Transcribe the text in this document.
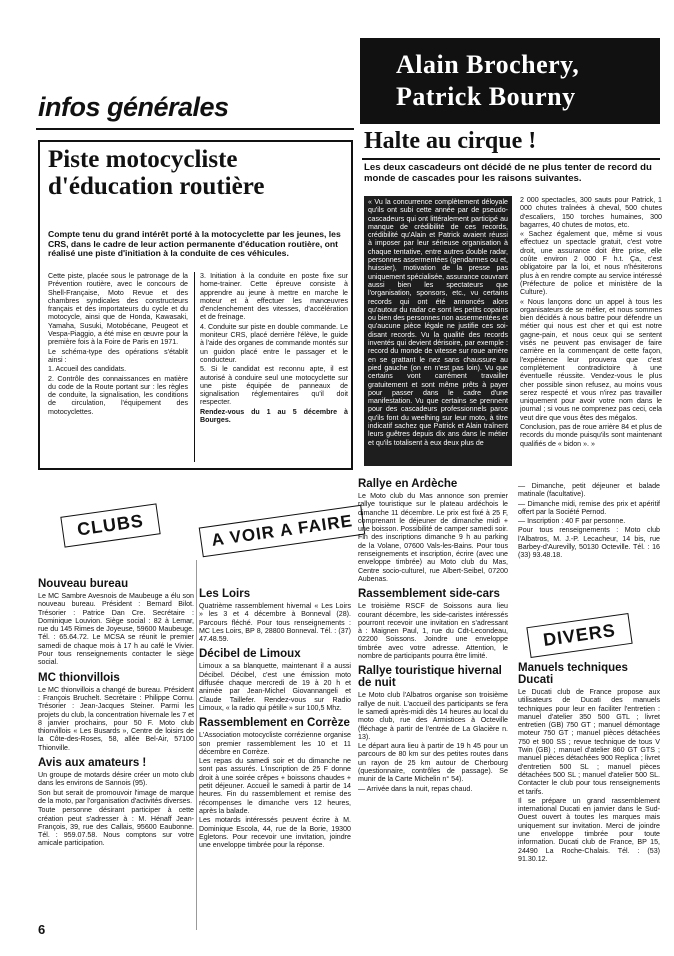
infos générales
Alain Brochery,
Patrick Bourny
Halte au cirque !
Les deux cascadeurs ont décidé de ne plus tenter de record du monde de cascades pour les raisons suivantes.

« Vu la concurrence complètement déloyale qu'ils ont subi cette année par de pseudo-cascadeurs qui ont littéralement participé au manque de crédibilité de ces records, crédibilité qu'Alain et Patrick avaient réussi à imposer par leur sérieuse organisation à chaque tentative, entre autres double radar, personnes assermentées (gendarmes ou et, huissier), motivation de la presse pas uniquement spécialisée, assurance couvrant aussi bien les spectateurs que l'organisation, sponsors, etc., vu certains records qui ont été annoncés alors qu'autour du radar ce sont les petits copains ou bien des personnes non assermentées et qu'aucune pièce légale ne justifie ces soi-disant records. Vu la qualité des records inventés qui devient dérisoire, par exemple : record du monde de vitesse sur roue arrière en se grattant le nez sans chaussure au pied gauche (on en n'est pas loin). Vu que certains vont carrément travailler gratuitement et sont même prêts à payer pour passer dans le cadre d'une manifestation. Vu que certains se prennent pour des cascadeurs professionnels parce qu'ils font du weelhing sur leur moto, à titre indicatif sachez que Patrick et Alain traînent leurs guêtres depuis dix ans dans le métier et qu'ils totalisent à eux deux plus de

2 000 spectacles, 300 sauts pour Patrick, 1 000 chutes traînées à cheval, 500 chutes d'escaliers, 150 torches humaines, 300 bagarres, 40 chutes de motos, etc.

« Sachez également que, même si vous effectuez un spectacle gratuit, c'est votre droit, une assurance doit être prise, elle coûte environ 2 000 F h.t. Ça, c'est obligatoire par la loi, et nous n'hésiterons plus à en rendre compte au service intéressé (Préfecture de police et ministère de la Culture).

« Nous lançons donc un appel à tous les organisateurs de se méfier, et nous sommes bien décidés à nous battre pour défendre un métier qui nous est cher et qui est notre gagne-pain, et nous ceux qui se sentent visés ne peuvent pas envisager de faire carrière en la commençant de cette façon, l'expérience leur prouvera que c'est complètement contradictoire à une éventuelle réussite. Vendez-vous le plus cher possible sinon refusez, au moins vous serez respecté et vous n'irez pas travailler uniquement pour avoir votre nom dans le journal ; si vous ne comprenez pas ceci, cela veut dire que vous êtes des mégalos.

Conclusion, pas de roue arrière 84 et plus de records du monde puisqu'ils sont maintenant qualifiés de « bidon ». »

Piste motocycliste d'éducation routière
Compte tenu du grand intérêt porté à la motocyclette par les jeunes, les CRS, dans le cadre de leur action permanente d'éducation routière, ont réalisé une piste d'initiation à la conduite de ces véhicules.

Cette piste, placée sous le patronage de la Prévention routière, avec le concours de Shell-Française, Moto Revue et des chambres syndicales des constructeurs français et des importateurs du cycle et du motocycle, ainsi que de Honda, Kawasaki, Yamaha, Susuki, Motobécane, Peugeot et Vespa-Piaggio, a été mise en œuvre pour la première fois à la Foire de Paris en 1971.

Le schéma-type des opérations s'établit ainsi :

1. Accueil des candidats.

2. Contrôle des connaissances en matière du code de la Route portant sur : les règles de conduite, la signalisation, les conditions de circulation, l'équipement des motocyclettes.

3. Initiation à la conduite en poste fixe sur home-trainer. Cette épreuve consiste à apprendre au jeune à mettre en marche le moteur et à effectuer les manœuvres d'enclenchement des vitesses, d'accélération et de freinage.

4. Conduite sur piste en double commande. Le moniteur CRS, placé derrière l'élève, le guide à l'aide des organes de commande montés sur un guidon placé entre le passager et le conducteur.

5. Si le candidat est reconnu apte, il est autorisé à conduire seul une motocyclette sur une piste équipée de panneaux de signalisation réglementaires qu'il doit respecter.

Rendez-vous du 1 au 5 décembre à Bourges.

CLUBS	A VOIR A FAIRE
DIVERS
Nouveau bureau

Le MC Sambre Avesnois de Maubeuge a élu son nouveau bureau. Président : Bernard Bilot. Trésorier : Patrice Dan Cre. Secrétaire : Dominique Louvion. Siège social : 82 à Lemar, rue du 145 Rimes de Joyeuse, 59600 Maubeuge. Tél. : 65.64.72. Le MCSA se réunit le premier samedi de chaque mois à 17 h au café le Vivier. Pour tous renseignements contacter le siège social.

MC thionvillois

Le MC thionvillois a changé de bureau. Président : François Bruchelt. Secrétaire : Philippe Cornu. Trésorier : Jean-Jacques Steiner. Parmi les projets du club, la concentration hivernale les 7 et 8 janvier prochains, pour 50 F. Moto club thionvillois « Les Busards », Centre de loisirs de la Côte-des-Roses, 58, allée Bel-Air, 57100 Thionville.

Avis aux amateurs !

Un groupe de motards désire créer un moto club dans les environs de Sannois (95).

Son but serait de promouvoir l'image de marque de la moto, par l'organisation d'activités diverses.

Toute personne désirant participer à cette création peut s'adresser à : M. Hénaff Jean-François, 39, rue des Callais, 95600 Eaubonne. Tél. : 959.07.58. Nous comptons sur votre amicale participation.

Les Loirs

Quatrième rassemblement hivernal « Les Loirs » les 3 et 4 décembre à Bonneval (28). Parcours fléché. Pour tous renseignements : MC Les Loirs, BP 8, 28800 Bonneval. Tél. : (37) 47.48.59.

Décibel de Limoux

Limoux a sa blanquette, maintenant il a aussi Décibel. Décibel, c'est une émission moto diffusée chaque mercredi de 19 à 20 h et animée par Jean-Michel Giovannangeli et Claude Taillefer. Rendez-vous sur Radio Limoux, « la radio qui pétille » sur 100,5 Mhz.

Rassemblement en Corrèze

L'Association motocycliste corrézienne organise son premier rassemblement les 10 et 11 décembre en Corrèze.

Les repas du samedi soir et du dimanche ne sont pas assurés. L'inscription de 25 F donne droit à une soirée crêpes + boissons chaudes + petit déjeuner. Accueil le samedi à partir de 14 heures. Fin du rassemblement et remise des récompenses le dimanche vers 12 heures, après la balade.

Les motards intéressés peuvent écrire à M. Dominique Escola, 44, rue de la Borie, 19300 Egletons. Pour recevoir une invitation, joindre une enveloppe timbrée pour la réponse.

Rallye en Ardèche

Le Moto club du Mas annonce son premier rallye touristique sur le plateau ardéchois le dimanche 11 décembre. Le prix est fixé à 25 F, comprenant le déjeuner de dimanche midi + une boisson. Possibilité de camper samedi soir. Fin des inscriptions dimanche 9 h au parking de la Volane, 07600 Vals-les-Bains. Pour tous renseignements et inscription, écrire (avec une enveloppe timbrée) au Moto club du Mas, Centre socio-culturel, rue Albert-Seibel, 07200 Aubenas.

Rassemblement side-cars

Le troisième RSCF de Soissons aura lieu courant décembre, les side-caristes intéressés pourront recevoir une invitation en s'adressant à : Maignen Paul, 1, rue du Cdt-Lecondeau, 02200 Soissons. Joindre une enveloppe timbrée avec votre adresse. Attention, le nombre de participants pourra être limité.

Rallye touristique hivernal de nuit

Le Moto club l'Albatros organise son troisième rallye de nuit. L'accueil des participants se fera le samedi après-midi dès 14 heures au local du moto club, rue des Armistices à Octeville (fléchage à partir de l'entrée de La Glacière n. 13).

Le départ aura lieu à partir de 19 h 45 pour un parcours de 80 km sur des petites routes dans un rayon de 25 km autour de Cherbourg (questionnaire, contrôles de passage). Se munir de la Carte Michelin n° 54).

— Arrivée dans la nuit, repas chaud.

— Dimanche, petit déjeuner et balade matinale (facultative).

— Dimanche midi, remise des prix et apéritif offert par la Société Pernod.

— Inscription : 40 F par personne.

Pour tous renseignements : Moto club l'Albatros, M. J.-P. Lecacheur, 14 bis, rue Barbey-d'Aurevilly, 50130 Octeville. Tél. : 16 (33) 93.48.18.

Manuels techniques Ducati

Le Ducati club de France propose aux utilisateurs de Ducati des manuels techniques pour leur en faciliter l'entretien : manuel d'atelier 350 500 GTL ; livret entretien (GB) 750 GT ; manuel démontage moteur 750 GT ; manuel pièces détachées 750 et 900 SS ; revue technique de tous V Twin (GB) ; manuel d'atelier 860 GT GTS ; manuel pièces détachées 900 Replica ; livret d'entretien 500 SL ; manuel pièces détachées 500 SL ; manuel d'atelier 500 SL. Contacter le club pour tous renseignements et tarifs.

Il se prépare un grand rassemblement international Ducati en janvier dans le Sud-Ouest ouvert à toutes les marques mais uniquement sur invitation. Merci de joindre une enveloppe timbrée pour toute information. Ducati club de France, BP 15, 24490 La Roche-Chalais. Tél. : (53) 91.30.12.

6
